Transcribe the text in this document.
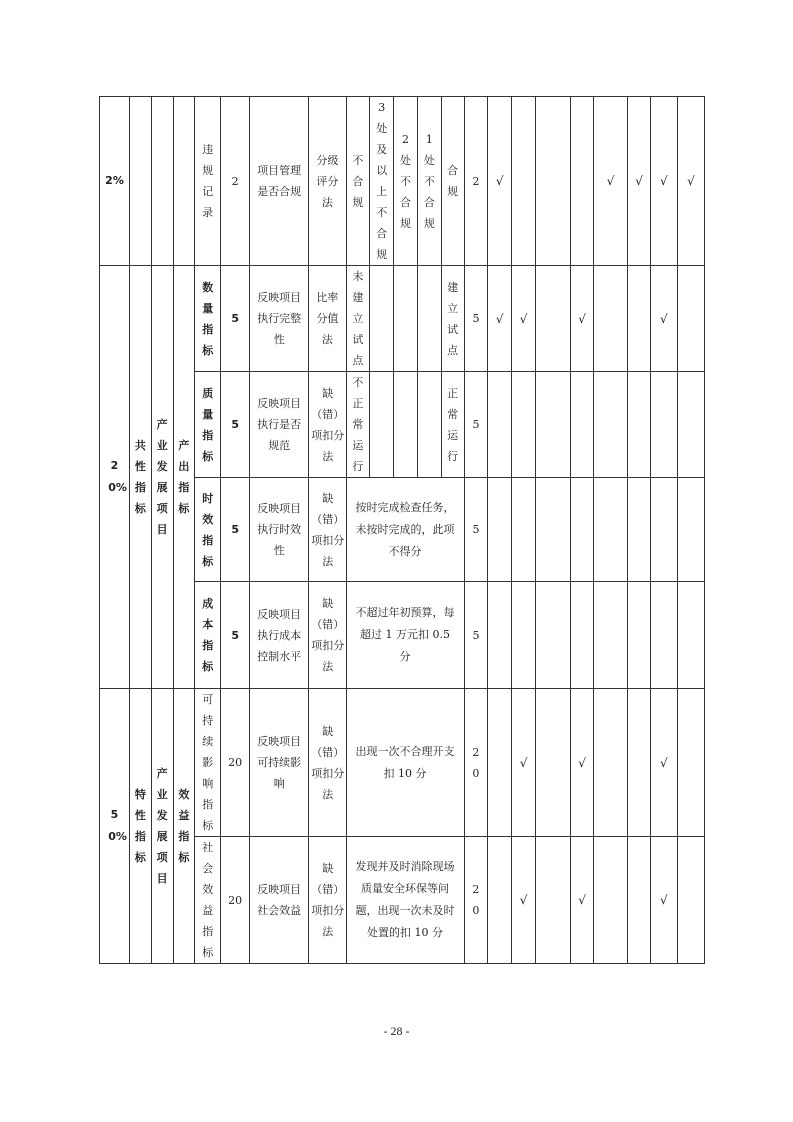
2%				违规记录	2	项目管理是否合规	分级评分法	不合规	3处及以上不合规	2处不合规	1处不合规	合规	2	√				√	√	√	√
20%	共性指标	产业发展项目	产出指标	数量指标	5	反映项目执行完整性	比率分值法	未建立试点				建立试点	5	√	√		√			√	
				质量指标	5	反映项目执行是否规范	缺（错）项扣分法	不正常运行				正常运行	5								
				时效指标	5	反映项目执行时效性	缺（错）项扣分法	按时完成检查任务，未按时完成的，此项不得分					5								
				成本指标	5	反映项目执行成本控制水平	缺（错）项扣分法	不超过年初预算，每超过 1 万元扣 0.5 分					5								
50%	特性指标	产业发展项目	效益指标	可持续影响指标	20	反映项目可持续影响	缺（错）项扣分法	出现一次不合理开支扣 10 分					20		√		√			√	
				社会效益指标	20	反映项目社会效益	缺（错）项扣分法	发现并及时消除现场质量安全环保等问题，出现一次未及时处置的扣 10 分					20		√		√			√	
- 28 -
